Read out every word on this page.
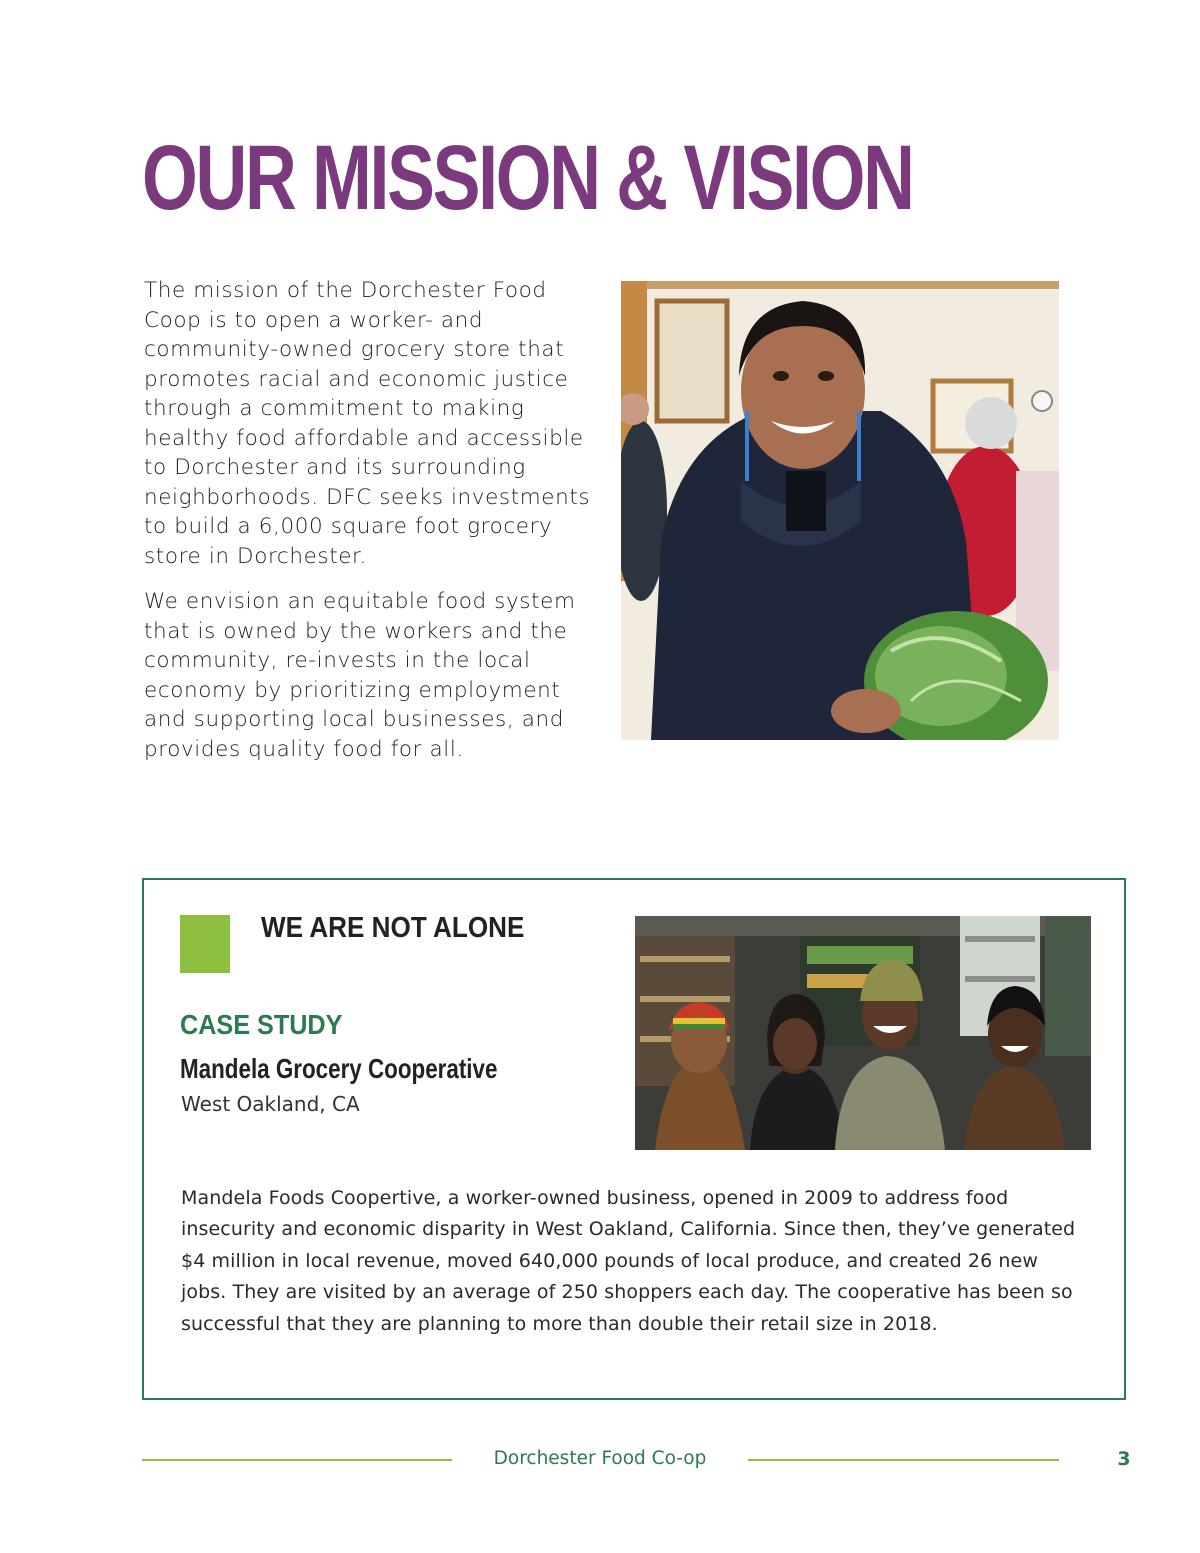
OUR MISSION & VISION

The mission of the Dorchester Food Coop is to open a worker- and community-owned grocery store that promotes racial and economic justice through a commitment to making healthy food affordable and accessible to Dorchester and its surrounding neighborhoods. DFC seeks investments to build a 6,000 square foot grocery store in Dorchester.

We envision an equitable food system that is owned by the workers and the community, re-invests in the local economy by prioritizing employment and supporting local businesses, and provides quality food for all.

WE ARE NOT ALONE
CASE STUDY
Mandela Grocery Cooperative
West Oakland, CA

Mandela Foods Coopertive, a worker-owned business, opened in 2009 to address food insecurity and economic disparity in West Oakland, California. Since then, they’ve generated $4 million in local revenue, moved 640,000 pounds of local produce, and created 26 new jobs. They are visited by an average of 250 shoppers each day. The cooperative has been so successful that they are planning to more than double their retail size in 2018.

Dorchester Food Co-op	3
